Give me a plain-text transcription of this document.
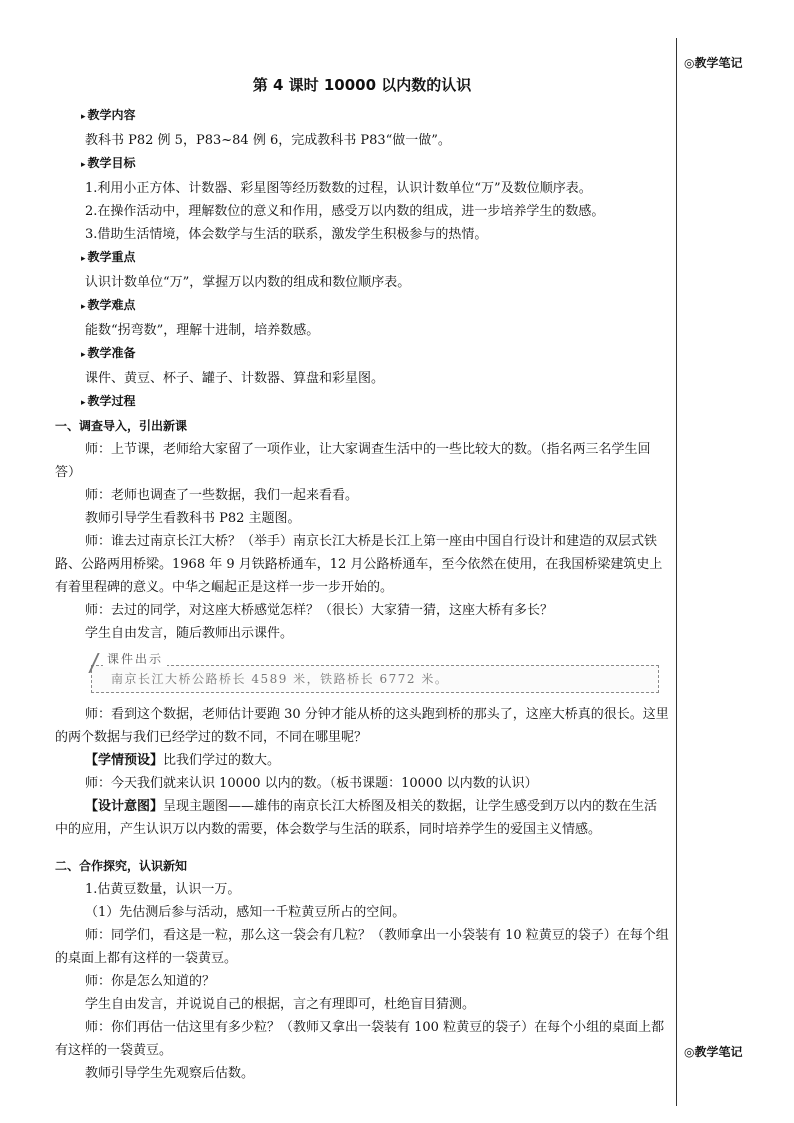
◎教学笔记
◎教学笔记
第 4 课时 10000 以内数的认识
▸ 教学内容
教科书 P82 例 5，P83~84 例 6，完成教科书 P83“做一做”。
▸ 教学目标
1.利用小正方体、计数器、彩星图等经历数数的过程，认识计数单位“万”及数位顺序表。
2.在操作活动中，理解数位的意义和作用，感受万以内数的组成，进一步培养学生的数感。
3.借助生活情境，体会数学与生活的联系，激发学生积极参与的热情。
▸ 教学重点
认识计数单位“万”，掌握万以内数的组成和数位顺序表。
▸ 教学难点
能数“拐弯数”，理解十进制，培养数感。
▸ 教学准备
课件、黄豆、杯子、罐子、计数器、算盘和彩星图。
▸ 教学过程
一、调查导入，引出新课

师：上节课，老师给大家留了一项作业，让大家调查生活中的一些比较大的数。（指名两三名学生回答）

师：老师也调查了一些数据，我们一起来看看。

教师引导学生看教科书 P82 主题图。

师：谁去过南京长江大桥？（举手）南京长江大桥是长江上第一座由中国自行设计和建造的双层式铁路、公路两用桥梁。1968 年 9 月铁路桥通车，12 月公路桥通车，至今依然在使用，在我国桥梁建筑史上有着里程碑的意义。中华之崛起正是这样一步一步开始的。

师：去过的同学，对这座大桥感觉怎样？（很长）大家猜一猜，这座大桥有多长？

学生自由发言，随后教师出示课件。

课件出示
南京长江大桥公路桥长 4589 米，铁路桥长 6772 米。

师：看到这个数据，老师估计要跑 30 分钟才能从桥的这头跑到桥的那头了，这座大桥真的很长。这里的两个数据与我们已经学过的数不同，不同在哪里呢？

【学情预设】比我们学过的数大。

师：今天我们就来认识 10000 以内的数。（板书课题：10000 以内数的认识）

【设计意图】呈现主题图——雄伟的南京长江大桥图及相关的数据，让学生感受到万以内的数在生活中的应用，产生认识万以内数的需要，体会数学与生活的联系，同时培养学生的爱国主义情感。

二、合作探究，认识新知

1.估黄豆数量，认识一万。

（1）先估测后参与活动，感知一千粒黄豆所占的空间。

师：同学们，看这是一粒，那么这一袋会有几粒？（教师拿出一小袋装有 10 粒黄豆的袋子）在每个组的桌面上都有这样的一袋黄豆。

师：你是怎么知道的？

学生自由发言，并说说自己的根据，言之有理即可，杜绝盲目猜测。

师：你们再估一估这里有多少粒？（教师又拿出一袋装有 100 粒黄豆的袋子）在每个小组的桌面上都有这样的一袋黄豆。

教师引导学生先观察后估数。
